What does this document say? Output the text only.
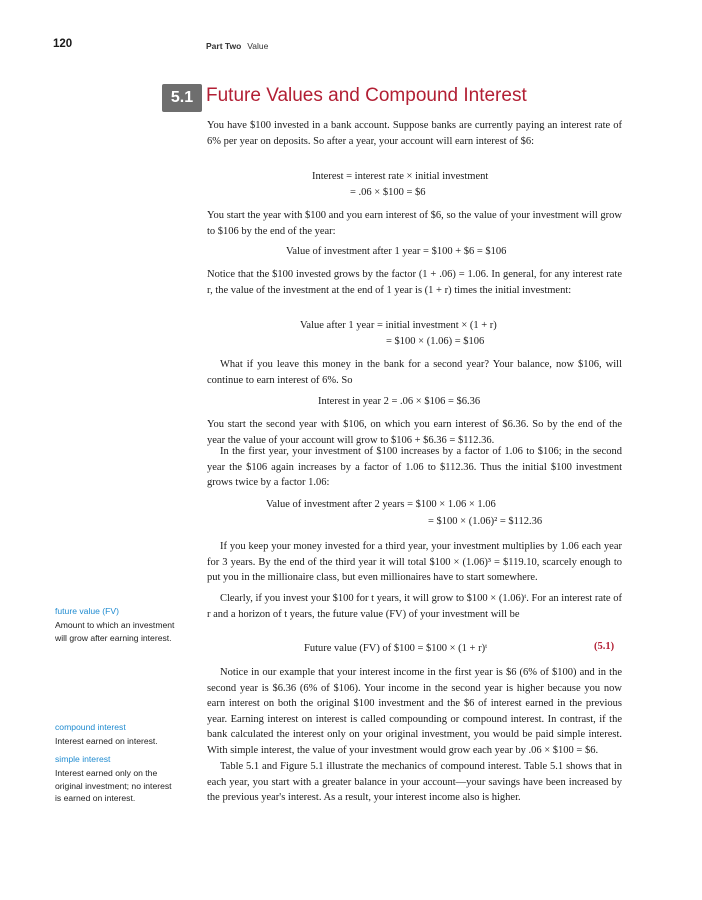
120	Part Two Value
5.1 Future Values and Compound Interest
You have $100 invested in a bank account. Suppose banks are currently paying an interest rate of 6% per year on deposits. So after a year, your account will earn interest of $6:
Interest = interest rate × initial investment
= .06 × $100 = $6
You start the year with $100 and you earn interest of $6, so the value of your investment will grow to $106 by the end of the year:
Value of investment after 1 year = $100 + $6 = $106
Notice that the $100 invested grows by the factor (1 + .06) = 1.06. In general, for any interest rate r, the value of the investment at the end of 1 year is (1 + r) times the initial investment:
Value after 1 year = initial investment × (1 + r)
= $100 × (1.06) = $106
What if you leave this money in the bank for a second year? Your balance, now $106, will continue to earn interest of 6%. So
Interest in year 2 = .06 × $106 = $6.36
You start the second year with $106, on which you earn interest of $6.36. So by the end of the year the value of your account will grow to $106 + $6.36 = $112.36.
In the first year, your investment of $100 increases by a factor of 1.06 to $106; in the second year the $106 again increases by a factor of 1.06 to $112.36. Thus the initial $100 investment grows twice by a factor 1.06:
Value of investment after 2 years = $100 × 1.06 × 1.06
= $100 × (1.06)² = $112.36
If you keep your money invested for a third year, your investment multiplies by 1.06 each year for 3 years. By the end of the third year it will total $100 × (1.06)³ = $119.10, scarcely enough to put you in the millionaire class, but even millionaires have to start somewhere.
Clearly, if you invest your $100 for t years, it will grow to $100 × (1.06)ᵗ. For an interest rate of r and a horizon of t years, the future value (FV) of your investment will be
Future value (FV) of $100 = $100 × (1 + r)ᵗ	(5.1)
Notice in our example that your interest income in the first year is $6 (6% of $100) and in the second year is $6.36 (6% of $106). Your income in the second year is higher because you now earn interest on both the original $100 investment and the $6 of interest earned in the previous year. Earning interest on interest is called compounding or compound interest. In contrast, if the bank calculated the interest only on your original investment, you would be paid simple interest. With simple interest, the value of your investment would grow each year by .06 × $100 = $6.
Table 5.1 and Figure 5.1 illustrate the mechanics of compound interest. Table 5.1 shows that in each year, you start with a greater balance in your account—your savings have been increased by the previous year's interest. As a result, your interest income also is higher.
future value (FV)
Amount to which an investment will grow after earning interest.
compound interest
Interest earned on interest.
simple interest
Interest earned only on the original investment; no interest is earned on interest.
